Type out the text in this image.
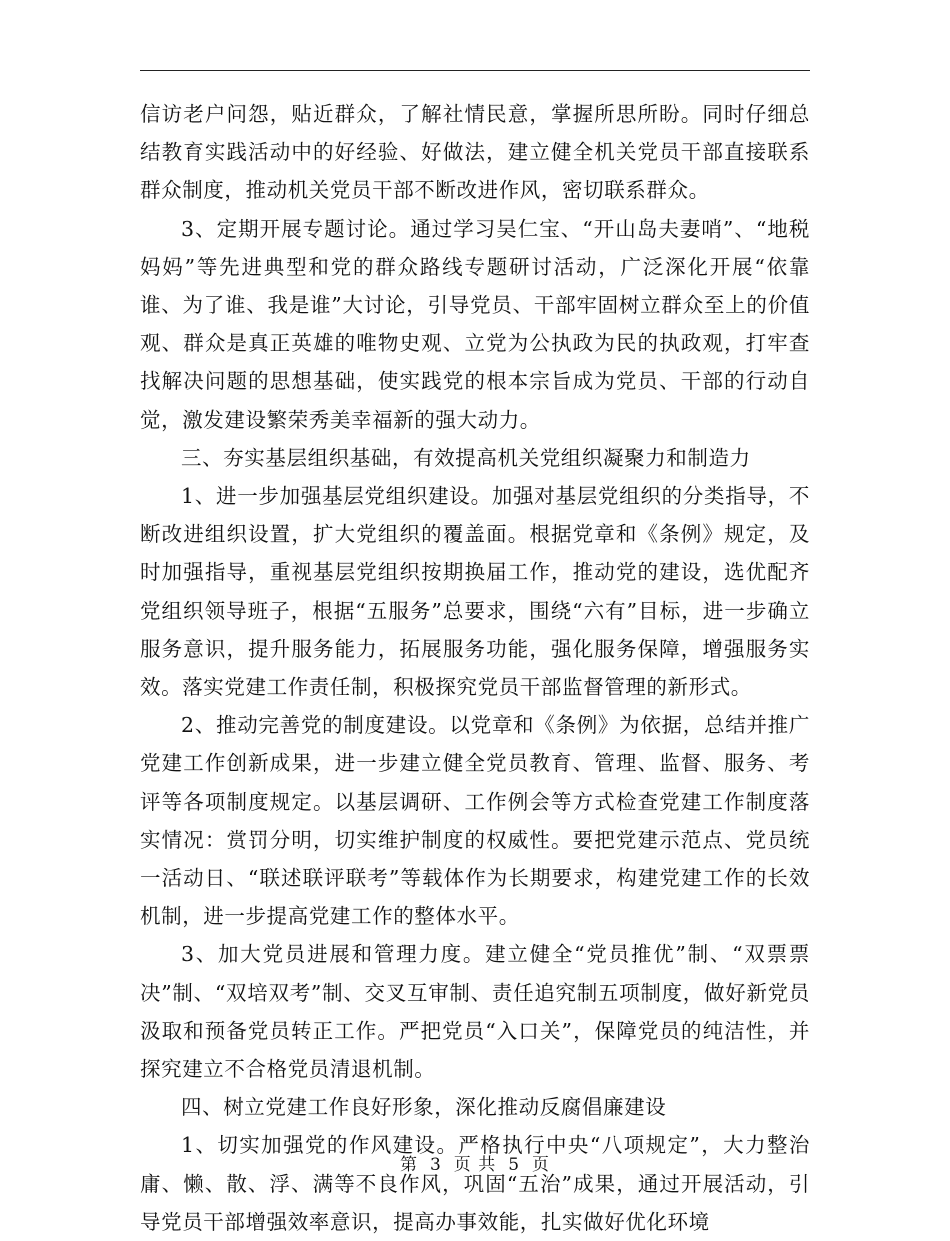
信访老户问怨，贴近群众，了解社情民意，掌握所思所盼。同时仔细总结教育实践活动中的好经验、好做法，建立健全机关党员干部直接联系群众制度，推动机关党员干部不断改进作风，密切联系群众。

3、定期开展专题讨论。通过学习吴仁宝、“开山岛夫妻哨”、“地税妈妈”等先进典型和党的群众路线专题研讨活动，广泛深化开展“依靠谁、为了谁、我是谁”大讨论，引导党员、干部牢固树立群众至上的价值观、群众是真正英雄的唯物史观、立党为公执政为民的执政观，打牢查找解决问题的思想基础，使实践党的根本宗旨成为党员、干部的行动自觉，激发建设繁荣秀美幸福新的强大动力。

三、夯实基层组织基础，有效提高机关党组织凝聚力和制造力

1、进一步加强基层党组织建设。加强对基层党组织的分类指导，不断改进组织设置，扩大党组织的覆盖面。根据党章和《条例》规定，及时加强指导，重视基层党组织按期换届工作，推动党的建设，选优配齐党组织领导班子，根据“五服务”总要求，围绕“六有”目标，进一步确立服务意识，提升服务能力，拓展服务功能，强化服务保障，增强服务实效。落实党建工作责任制，积极探究党员干部监督管理的新形式。

2、推动完善党的制度建设。以党章和《条例》为依据，总结并推广党建工作创新成果，进一步建立健全党员教育、管理、监督、服务、考评等各项制度规定。以基层调研、工作例会等方式检查党建工作制度落实情况：赏罚分明，切实维护制度的权威性。要把党建示范点、党员统一活动日、“联述联评联考”等载体作为长期要求，构建党建工作的长效机制，进一步提高党建工作的整体水平。

3、加大党员进展和管理力度。建立健全“党员推优”制、“双票票决”制、“双培双考”制、交叉互审制、责任追究制五项制度，做好新党员汲取和预备党员转正工作。严把党员“入口关”，保障党员的纯洁性，并探究建立不合格党员清退机制。

四、树立党建工作良好形象，深化推动反腐倡廉建设

1、切实加强党的作风建设。严格执行中央“八项规定”，大力整治庸、懒、散、浮、满等不良作风，巩固“五治”成果，通过开展活动，引导党员干部增强效率意识，提高办事效能，扎实做好优化环境

第 3 页 共 5 页
